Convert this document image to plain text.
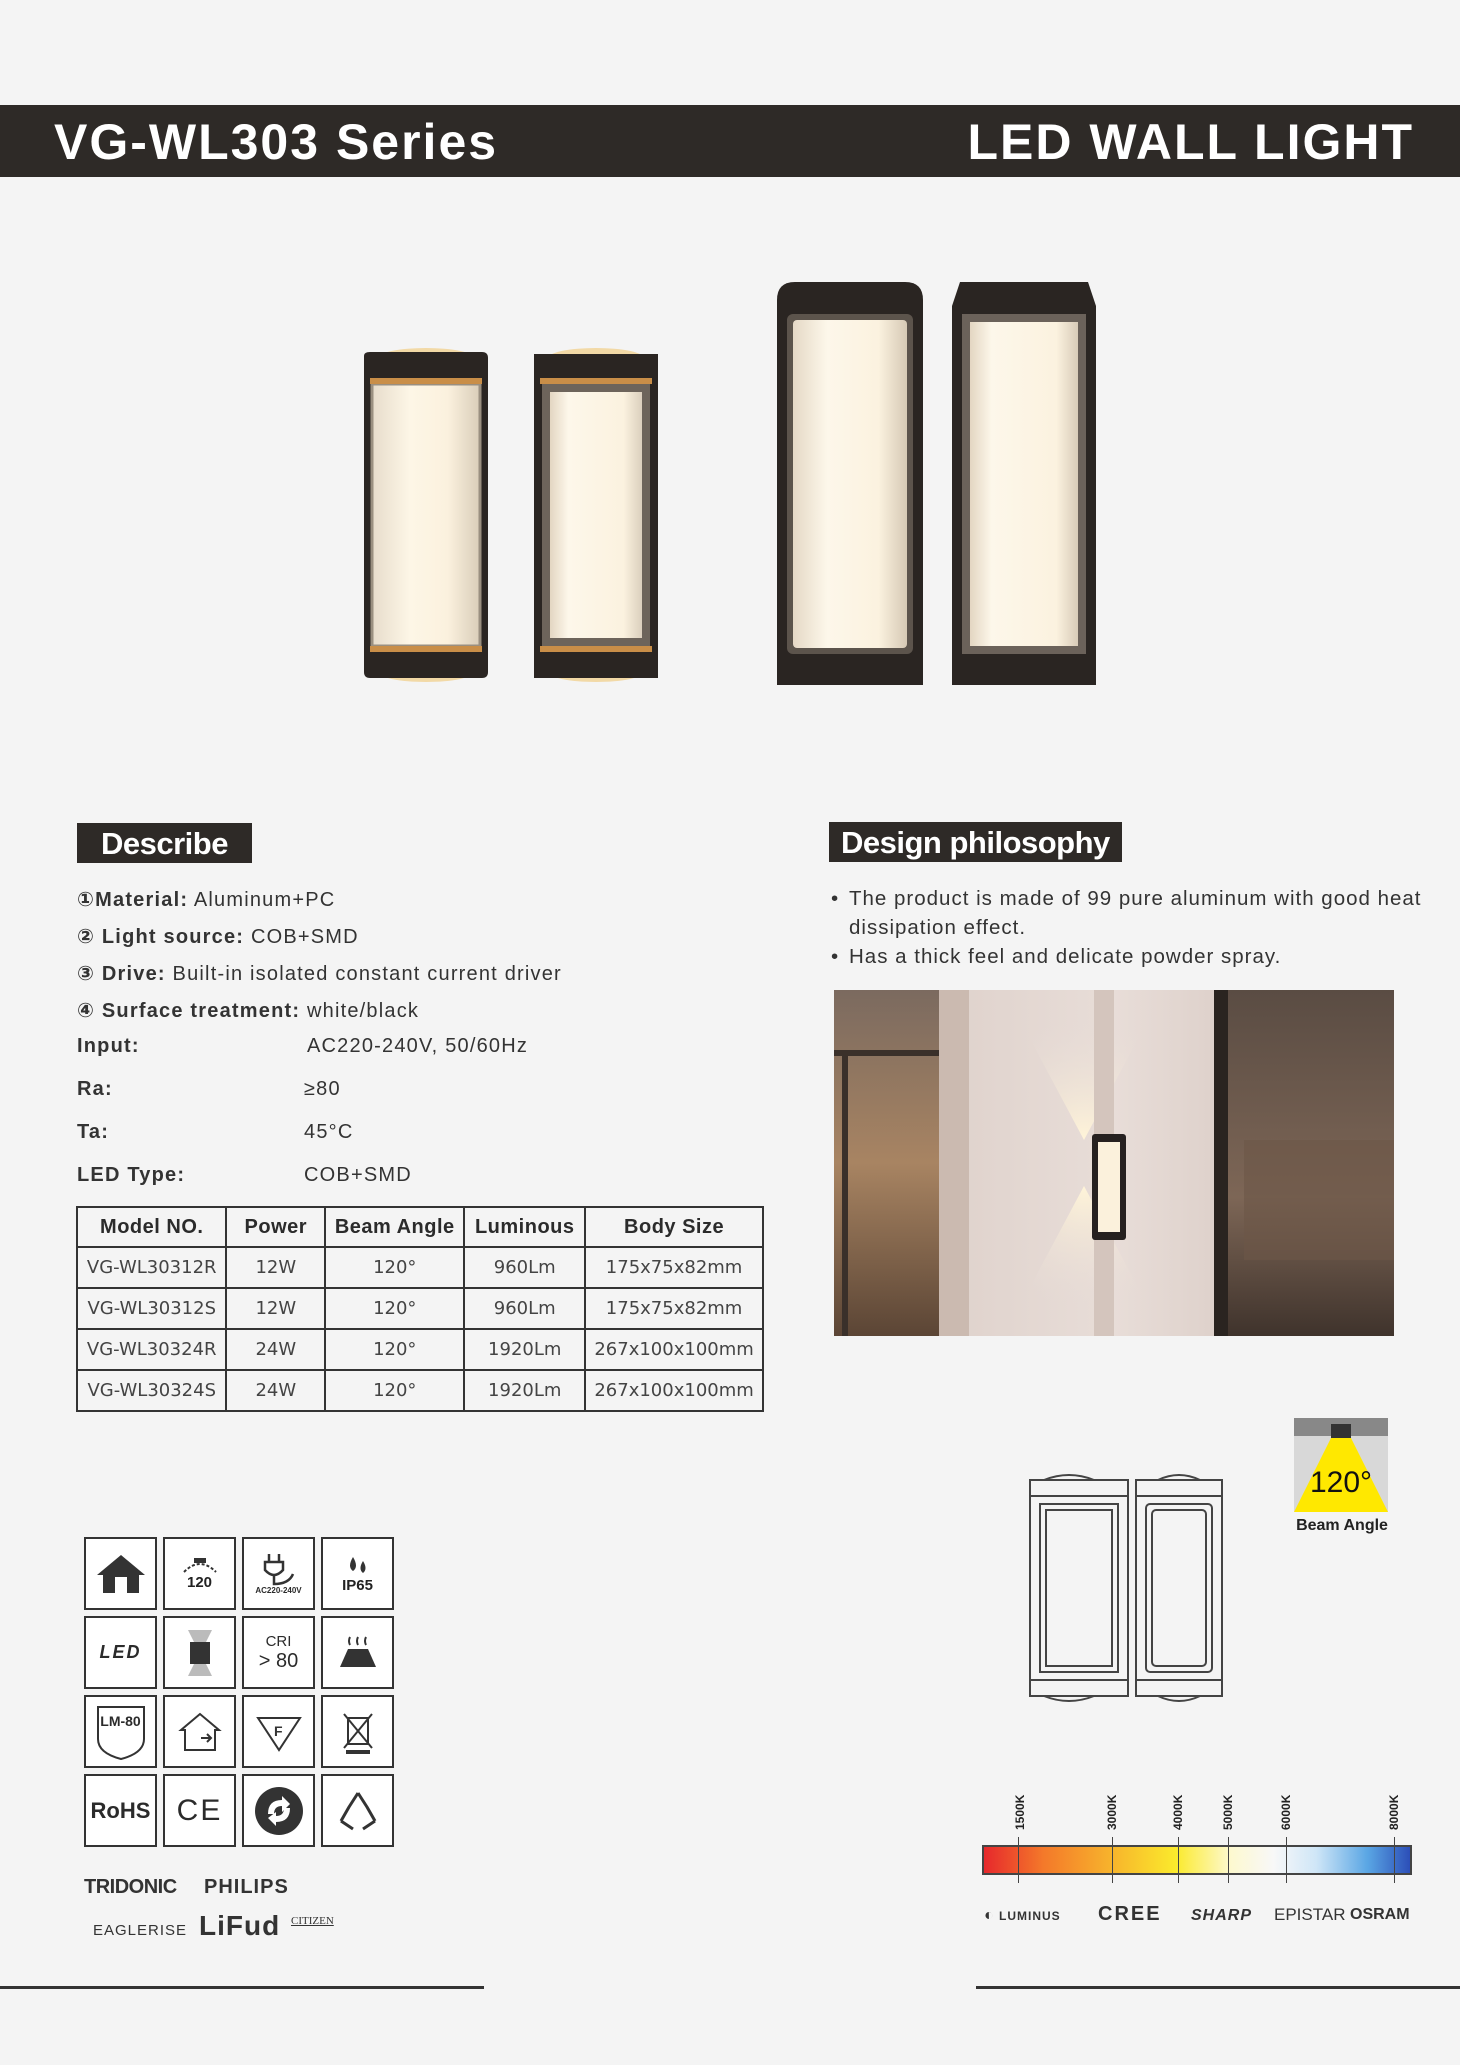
VG-WL303 Series	LED WALL LIGHT
Describe
①Material: Aluminum+PC
② Light source: COB+SMD
③ Drive: Built-in isolated constant current driver
④ Surface treatment: white/black
Input:	AC220-240V, 50/60Hz
Ra:	≥80
Ta:	45°C
LED Type:	COB+SMD
Model NO.	Power	Beam Angle	Luminous	Body Size
VG-WL30312R	12W	120°	960Lm	175x75x82mm
VG-WL30312S	12W	120°	960Lm	175x75x82mm
VG-WL30324R	24W	120°	1920Lm	267x100x100mm
VG-WL30324S	24W	120°	1920Lm	267x100x100mm
Design philosophy
• The product is made of 99 pure aluminum with good heat dissipation effect.
• Has a thick feel and delicate powder spray.
120	AC220-240V	IP65
LED
CRI
> 80
LM-80
F
RoHS CE
TRIDONIC PHILIPS
EAGLERISE LiFud CITIZEN
120°
Beam Angle
1500K	3000K	4000K	5000K	6000K	8000K
◐ LUMINUS CREE SHARP EPISTAR OSRAM
